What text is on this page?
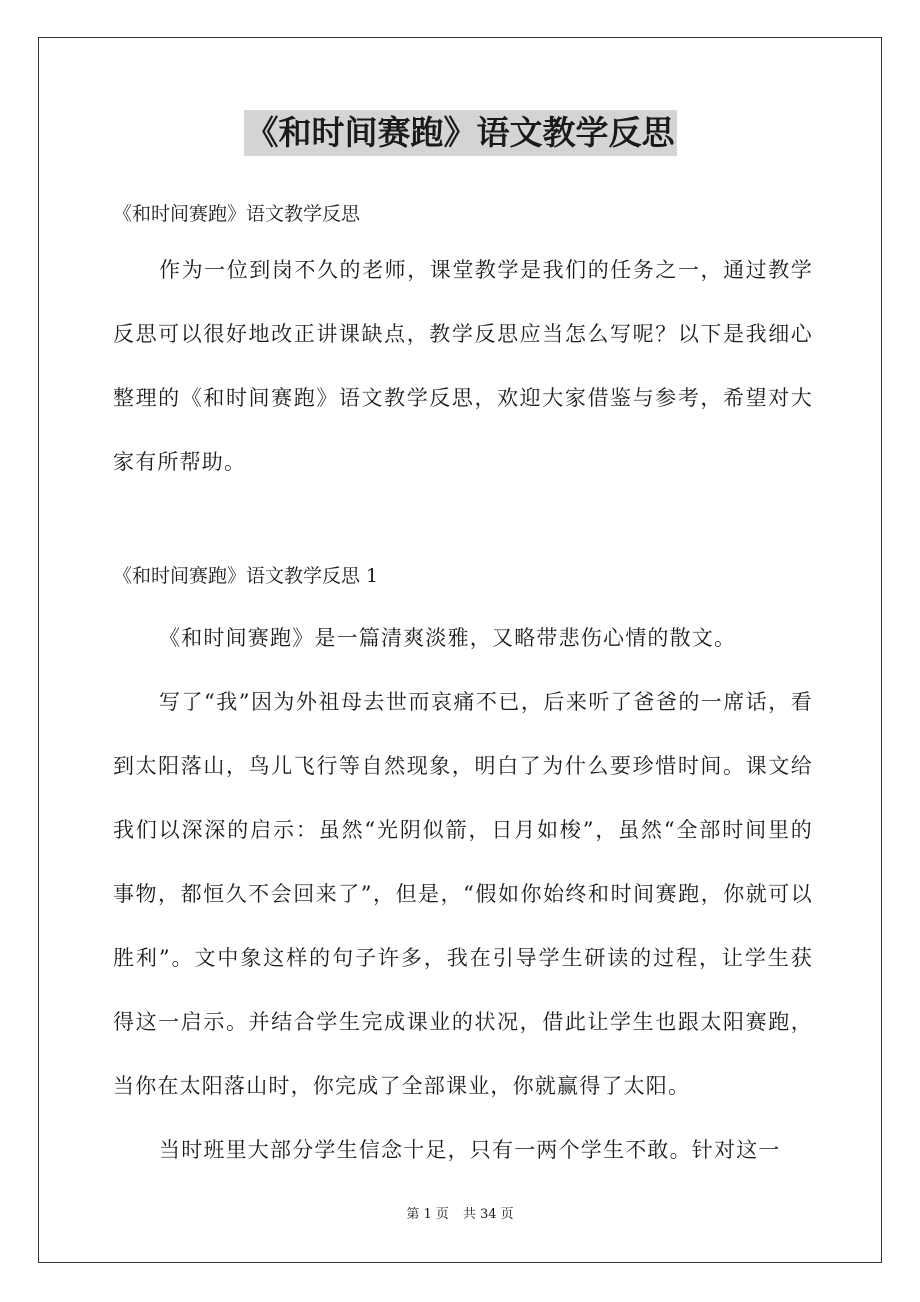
《和时间赛跑》语文教学反思
《和时间赛跑》语文教学反思

作为一位到岗不久的老师，课堂教学是我们的任务之一，通过教学反思可以很好地改正讲课缺点，教学反思应当怎么写呢？以下是我细心整理的《和时间赛跑》语文教学反思，欢迎大家借鉴与参考，希望对大家有所帮助。

《和时间赛跑》语文教学反思 1

《和时间赛跑》是一篇清爽淡雅，又略带悲伤心情的散文。

写了“我”因为外祖母去世而哀痛不已，后来听了爸爸的一席话，看到太阳落山，鸟儿飞行等自然现象，明白了为什么要珍惜时间。课文给我们以深深的启示：虽然“光阴似箭，日月如梭”，虽然“全部时间里的事物，都恒久不会回来了”，但是，“假如你始终和时间赛跑，你就可以胜利”。文中象这样的句子许多，我在引导学生研读的过程，让学生获得这一启示。并结合学生完成课业的状况，借此让学生也跟太阳赛跑，当你在太阳落山时，你完成了全部课业，你就赢得了太阳。

当时班里大部分学生信念十足，只有一两个学生不敢。针对这一

第 1 页 共 34 页
